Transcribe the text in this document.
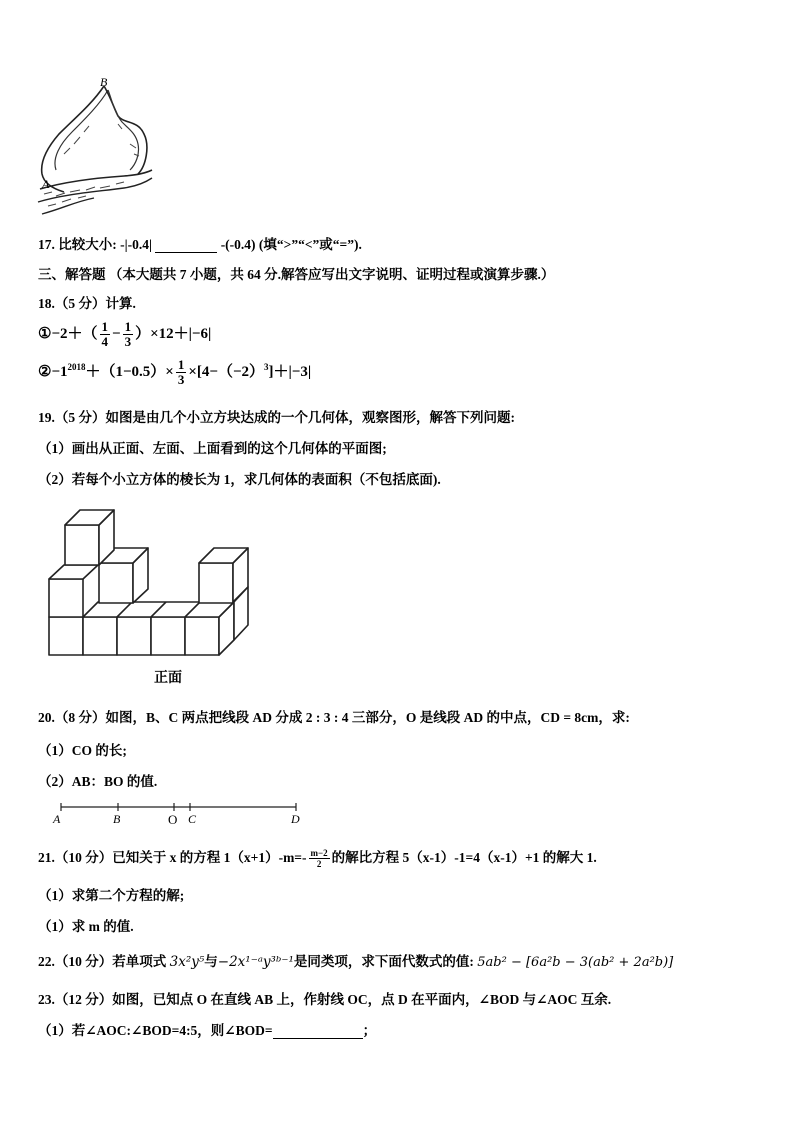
B
A
17. 比较大小: -|-0.4|	-(-0.4) (填“>”“<”或“=”).
三、解答题 （本大题共 7 小题，共 64 分.解答应写出文字说明、证明过程或演算步骤.）
18.（5 分）计算.
①−2＋（ $\frac{1}{4} - \frac{1}{3} )\times 12+|-6|$
$②-1^{2018}+(1-0.5)\times \frac{1}{3} \times[4-(-2)^3]+|-3|$
19.（5 分）如图是由几个小立方块达成的一个几何体，观察图形，解答下列问题:
（1）画出从正面、左面、上面看到的这个几何体的平面图;
（2）若每个小立方体的棱长为 1，求几何体的表面积（不包括底面).
正面
20.（8 分）如图，B、C 两点把线段 AD 分成 2 : 3 : 4 三部分，O 是线段 AD 的中点，CD = 8cm，求:
（1）CO 的长;
（2）AB：BO 的值.
A	B	O C	D
21.（10 分）已知关于 x 的方程 $1(x+1)-m=- \frac{m-2}{2}$ 的解比方程 5（x-1）-1=4（x-1）+1 的解大 1.
（1）求第二个方程的解;
（1）求 m 的值.
22.（10 分）若单项式 3x²y⁵与−2x¹⁻ᵃy³ᵇ⁻¹是同类项，求下面代数式的值: 5ab² − [6a²b − 3(ab² + 2a²b)]
23.（12 分）如图，已知点 O 在直线 AB 上，作射线 OC，点 D 在平面内，∠BOD 与∠AOC 互余.
（1）若∠AOC:∠BOD=4:5，则∠BOD=	；
